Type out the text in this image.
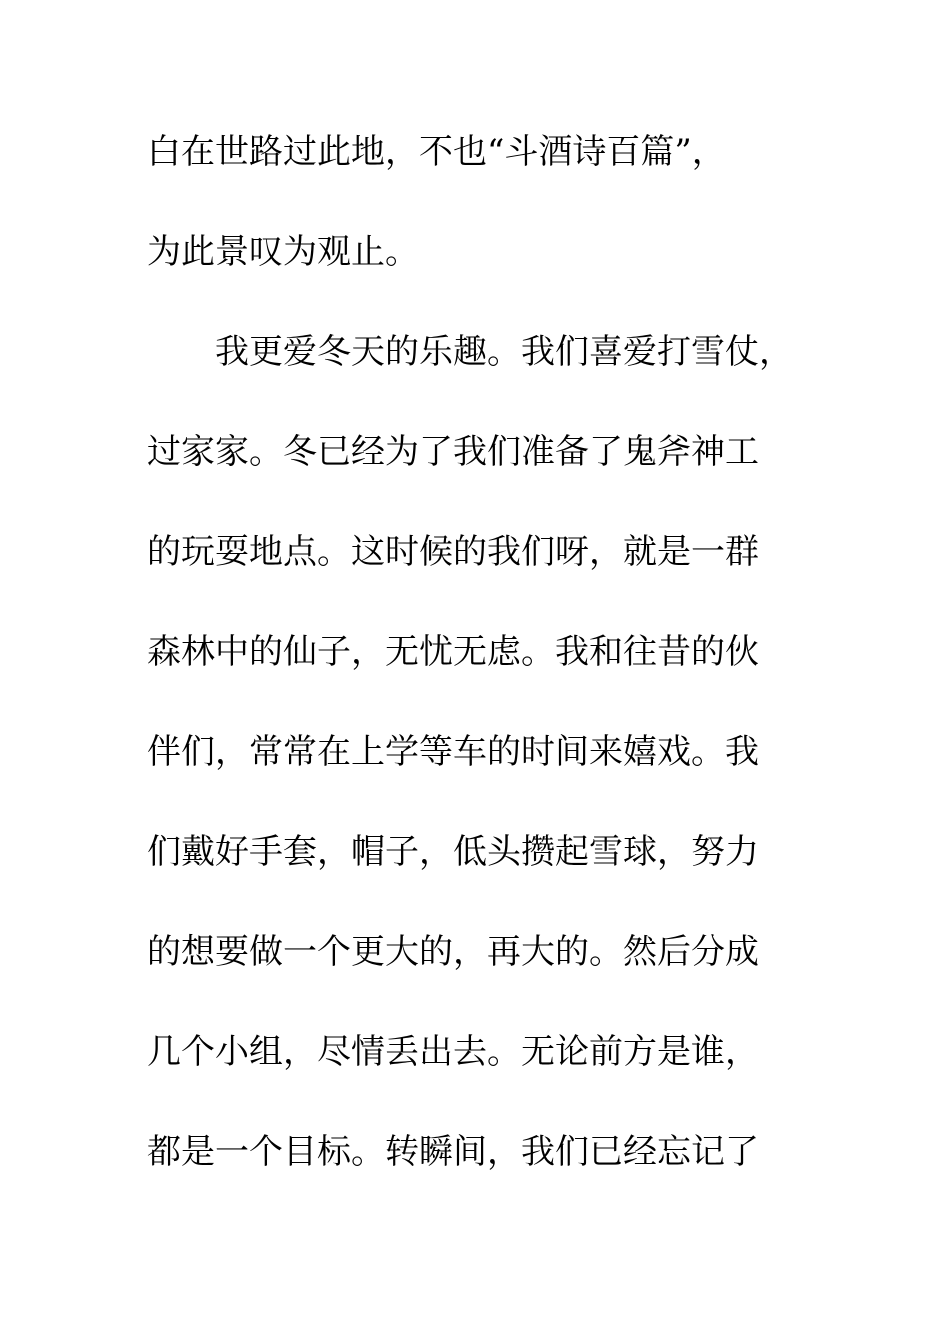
白在世路过此地，不也“斗酒诗百篇”，
为此景叹为观止。
我更爱冬天的乐趣。我们喜爱打雪仗，
过家家。冬已经为了我们准备了鬼斧神工
的玩耍地点。这时候的我们呀，就是一群
森林中的仙子，无忧无虑。我和往昔的伙
伴们，常常在上学等车的时间来嬉戏。我
们戴好手套，帽子，低头攒起雪球，努力
的想要做一个更大的，再大的。然后分成
几个小组，尽情丢出去。无论前方是谁，
都是一个目标。转瞬间，我们已经忘记了
